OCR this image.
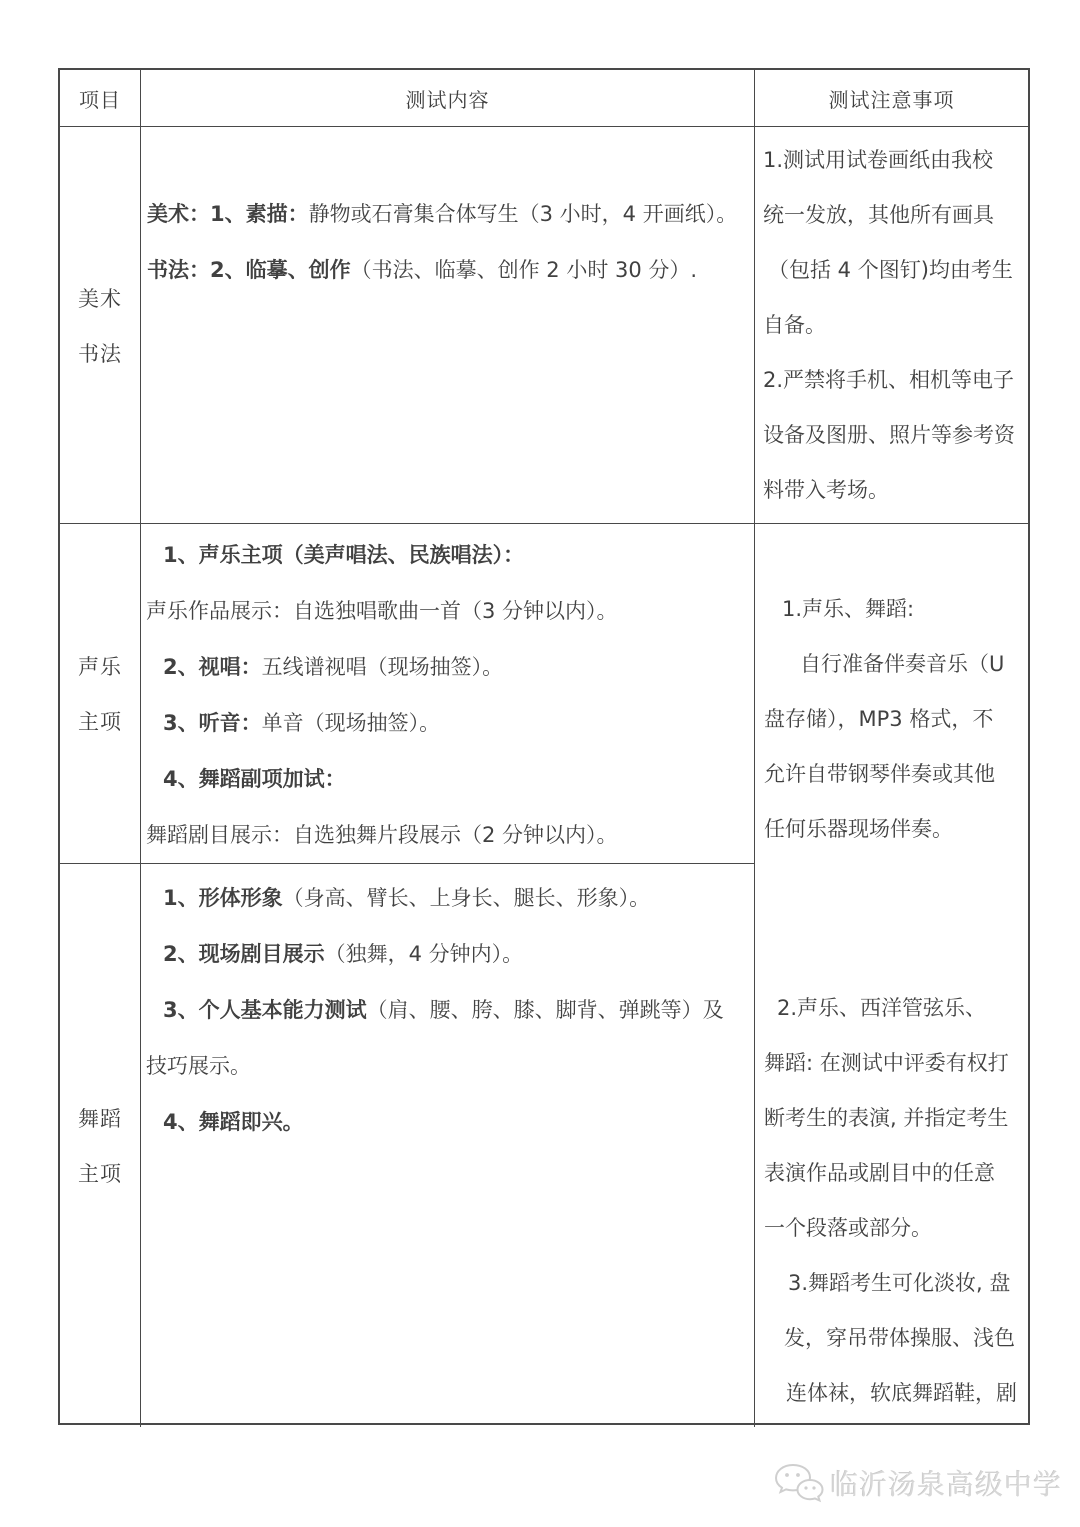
项目	测试内容	测试注意事项
美术
书法
美术：1、素描： 静物或石膏集合体写生（3 小时，4 开画纸）。
书法：2、临摹、创作 （书法、临摹、创作 2 小时 30 分）.
1.测试用试卷画纸由我校
统一发放，其他所有画具
（包括 4 个图钉)均由考生
自备。
2.严禁将手机、相机等电子
设备及图册、照片等参考资
料带入考场。
声乐
主项
1、声乐主项（美声唱法、民族唱法）：
声乐作品展示：自选独唱歌曲一首（3 分钟以内）。
2、视唱： 五线谱视唱（现场抽签）。
3、听音： 单音（现场抽签）。
4、舞蹈副项加试：
舞蹈剧目展示：自选独舞片段展示（2 分钟以内）。
1.声乐、舞蹈:
自行准备伴奏音乐（U
盘存储），MP3 格式，不
允许自带钢琴伴奏或其他
任何乐器现场伴奏。
2.声乐、西洋管弦乐、
舞蹈: 在测试中评委有权打
断考生的表演, 并指定考生
表演作品或剧目中的任意
一个段落或部分。
3.舞蹈考生可化淡妆, 盘
发，穿吊带体操服、浅色
连体袜，软底舞蹈鞋，剧
舞蹈
主项
1、形体形象 （身高、臂长、上身长、腿长、形象）。
2、现场剧目展示 （独舞，4 分钟内）。
3、个人基本能力测试 （肩、腰、胯、膝、脚背、弹跳等）及
技巧展示。
4、舞蹈即兴。
临沂汤泉高级中学
